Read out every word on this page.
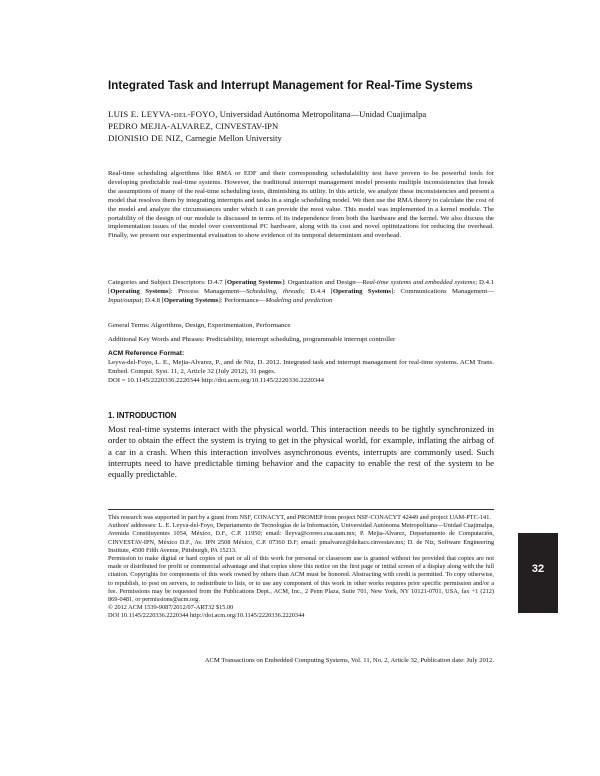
Integrated Task and Interrupt Management for Real-Time Systems
LUIS E. LEYVA-DEL-FOYO, Universidad Autónoma Metropolitana—Unidad Cuajimalpa
PEDRO MEJIA-ALVAREZ, CINVESTAV-IPN
DIONISIO DE NIZ, Carnegie Mellon University
Real-time scheduling algorithms like RMA or EDF and their corresponding schedulability test have proven to be powerful tools for developing predictable real-time systems. However, the traditional interrupt management model presents multiple inconsistencies that break the assumptions of many of the real-time scheduling tests, diminishing its utility. In this article, we analyze these inconsistencies and present a model that resolves them by integrating interrupts and tasks in a single scheduling model. We then use the RMA theory to calculate the cost of the model and analyze the circumstances under which it can provide the most value. This model was implemented in a kernel module. The portability of the design of our module is discussed in terms of its independence from both the hardware and the kernel. We also discuss the implementation issues of the model over conventional PC hardware, along with its cost and novel optimizations for reducing the overhead. Finally, we present our experimental evaluation to show evidence of its temporal determinism and overhead.
Categories and Subject Descriptors: D.4.7 [Operating Systems]: Organization and Design—Real-time systems and embedded systems; D.4.1 [Operating Systems]: Process Management—Scheduling, threads; D.4.4 [Operating Systems]: Communications Management—Input/output; D.4.8 [Operating Systems]: Performance—Modeling and prediction
General Terms: Algorithms, Design, Experimentation, Performance
Additional Key Words and Phrases: Predictability, interrupt scheduling, programmable interrupt controller
ACM Reference Format:
Leyva-del-Foyo, L. E., Mejia-Alvarez, P., and de Niz, D. 2012. Integrated task and interrupt management for real-time systems. ACM Trans. Embed. Comput. Syst. 11, 2, Article 32 (July 2012), 31 pages.
DOI = 10.1145/2220336.2220344 http://doi.acm.org/10.1145/2220336.2220344
1. INTRODUCTION
Most real-time systems interact with the physical world. This interaction needs to be tightly synchronized in order to obtain the effect the system is trying to get in the physical world, for example, inflating the airbag of a car in a crash. When this interaction involves asynchronous events, interrupts are commonly used. Such interrupts need to have predictable timing behavior and the capacity to enable the rest of the system to be equally predictable.

This research was supported in part by a grant from NSF, CONACYT, and PROMEP from project NSF-CONACYT 42449 and project UAM-PTC-141.

Authors' addresses: L. E. Leyva-del-Foyo, Departamento de Tecnologías de la Información, Universidad Autónoma Metropolitana—Unidad Cuajimalpa, Avenida Constituyentes 1054, México, D.F., C.P. 11950; email: lleyva@correo.cua.uam.mx; P. Mejia-Alvarez, Departamento de Computación, CINVESTAV-IPN, México D.F., Av. IPN 2508 México, C.P. 07360 D.F; email: pmalvarez@deltacs.cinvestav.mx; D. de Niz, Software Engineering Institute, 4500 Fifth Avenue, Pittsburgh, PA 15213.

Permission to make digital or hard copies of part or all of this work for personal or classroom use is granted without fee provided that copies are not made or distributed for profit or commercial advantage and that copies show this notice on the first page or initial screen of a display along with the full citation. Copyrights for components of this work owned by others than ACM must be honored. Abstracting with credit is permitted. To copy otherwise, to republish, to post on servers, to redistribute to lists, or to use any component of this work in other works requires prior specific permission and/or a fee. Permissions may be requested from the Publications Dept., ACM, Inc., 2 Penn Plaza, Suite 701, New York, NY 10121-0701, USA, fax +1 (212) 869-0481, or permissions@acm.org.

© 2012 ACM 1539-9087/2012/07-ART32 $15.00

DOI 10.1145/2220336.2220344 http://doi.acm.org/10.1145/2220336.2220344

32
ACM Transactions on Embedded Computing Systems, Vol. 11, No. 2, Article 32, Publication date: July 2012.
